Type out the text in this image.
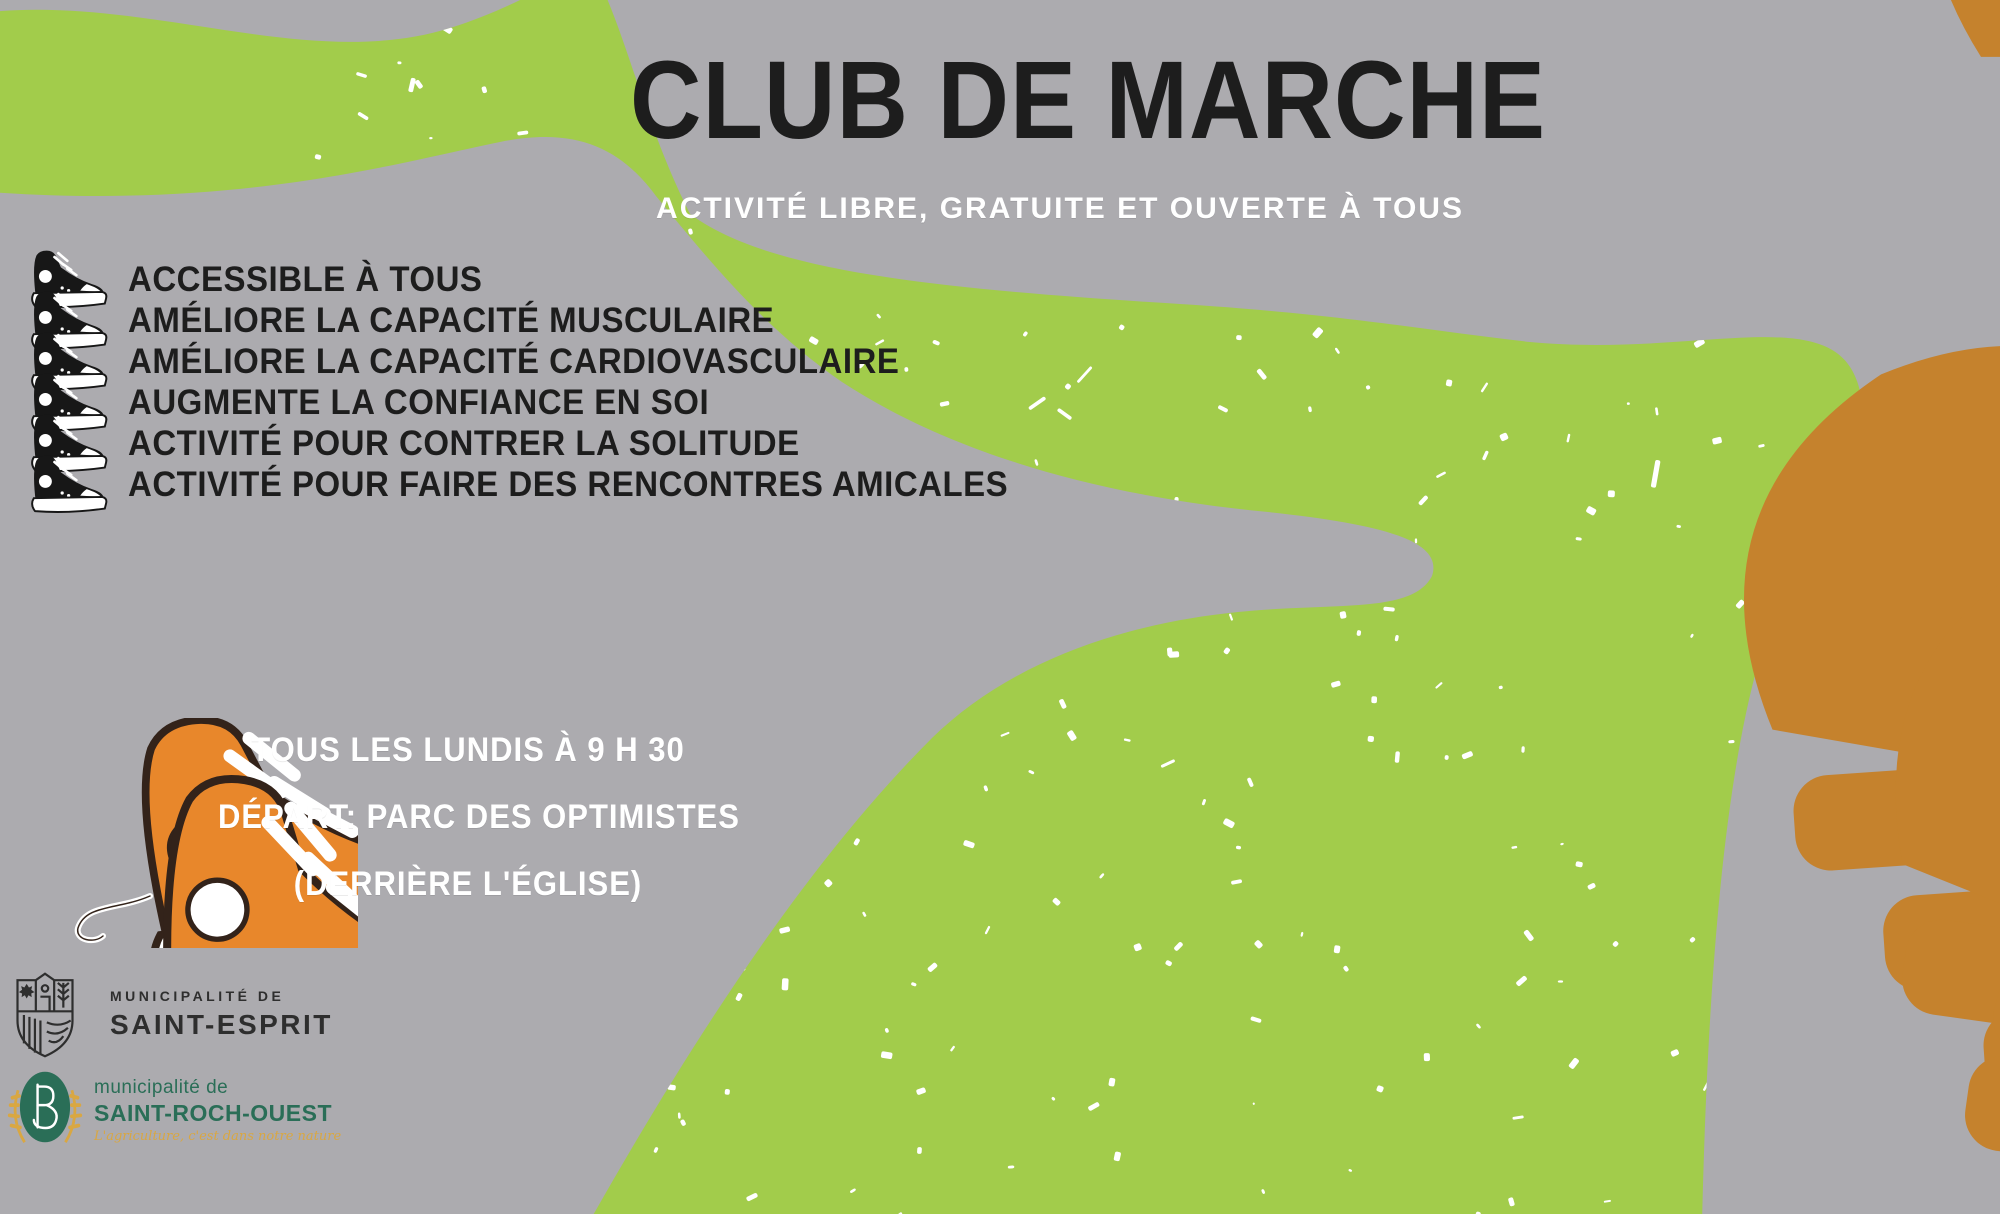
CLUB DE MARCHE
ACTIVITÉ LIBRE, GRATUITE ET OUVERTE À TOUS
ACCESSIBLE À TOUS
AMÉLIORE LA CAPACITÉ MUSCULAIRE
AMÉLIORE LA CAPACITÉ CARDIOVASCULAIRE
AUGMENTE LA CONFIANCE EN SOI
ACTIVITÉ POUR CONTRER LA SOLITUDE
ACTIVITÉ POUR FAIRE DES RENCONTRES AMICALES
TOUS LES LUNDIS À 9 H 30
DÉPART: PARC DES OPTIMISTES
(DERRIÈRE L'ÉGLISE)
MUNICIPALITÉ DE
SAINT-ESPRIT
municipalité de
SAINT-ROCH-OUEST
L'agriculture, c'est dans notre nature
